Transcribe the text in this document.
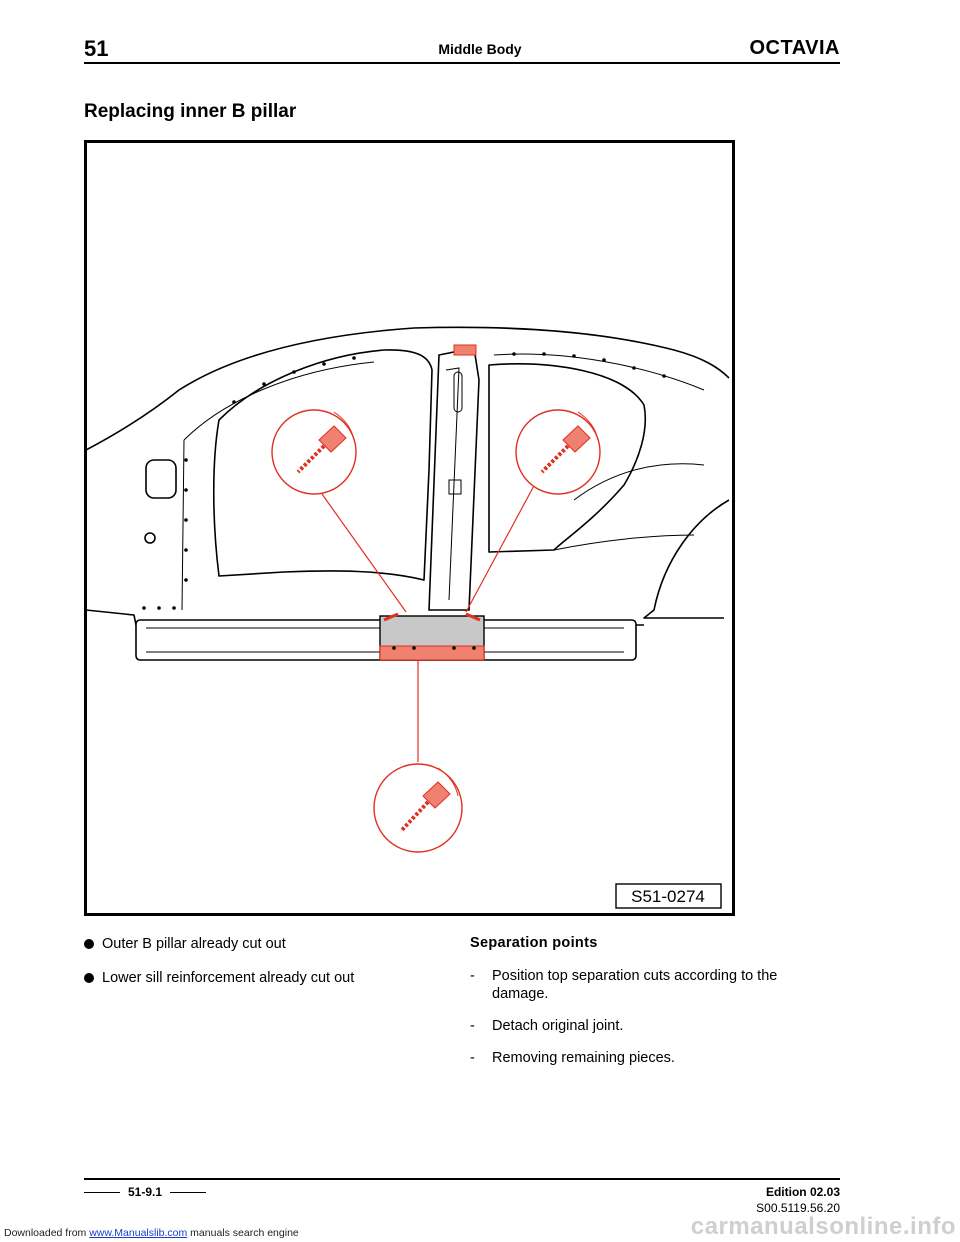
51	Middle Body	OCTAVIA
Replacing inner B pillar
S51-0274
Outer B pillar already cut out
Lower sill reinforcement already cut out
Separation points
- Position top separation cuts according to the damage.
- Detach original joint.
- Removing remaining pieces.
51-9.1	Edition 02.03
S00.5119.56.20
Downloaded from www.Manualslib.com manuals search engine	carmanualsonline.info
